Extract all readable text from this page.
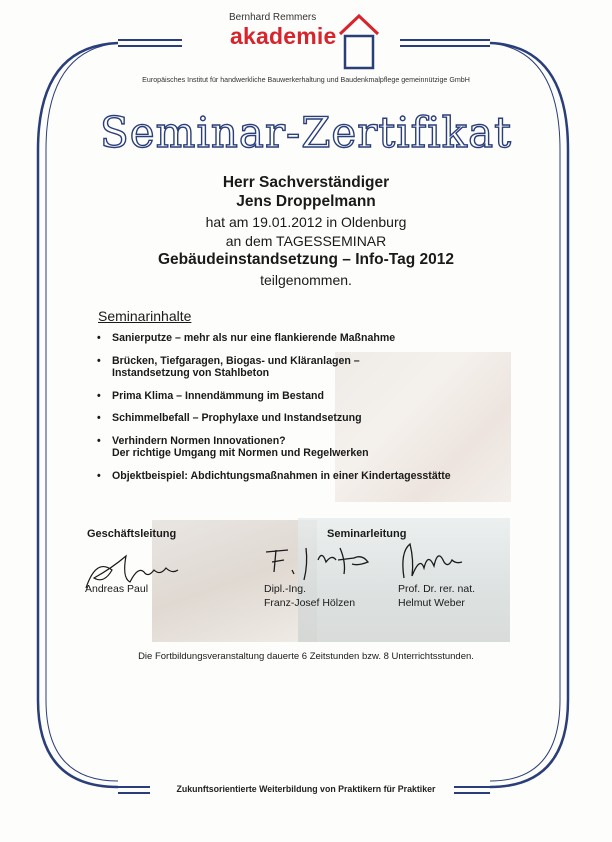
Bernhard Remmers
akademie
Europäisches Institut für handwerkliche Bauwerkerhaltung und Baudenkmalpflege gemeinnützige GmbH
Seminar-Zertifikat
Herr Sachverständiger
Jens Droppelmann
hat am 19.01.2012 in Oldenburg
an dem TAGESSEMINAR
Gebäudeinstandsetzung – Info-Tag 2012
teilgenommen.
Seminarinhalte
• Sanierputze – mehr als nur eine flankierende Maßnahme
• Brücken, Tiefgaragen, Biogas- und Kläranlagen –
Instandsetzung von Stahlbeton
• Prima Klima – Innendämmung im Bestand
• Schimmelbefall – Prophylaxe und Instandsetzung
• Verhindern Normen Innovationen?
Der richtige Umgang mit Normen und Regelwerken
• Objektbeispiel: Abdichtungsmaßnahmen in einer Kindertagesstätte
Geschäftsleitung	Seminarleitung
Andreas Paul	Dipl.-Ing.
Franz-Josef Hölzen
Prof. Dr. rer. nat.
Helmut Weber
Die Fortbildungsveranstaltung dauerte 6 Zeitstunden bzw. 8 Unterrichtsstunden.
Zukunftsorientierte Weiterbildung von Praktikern für Praktiker
